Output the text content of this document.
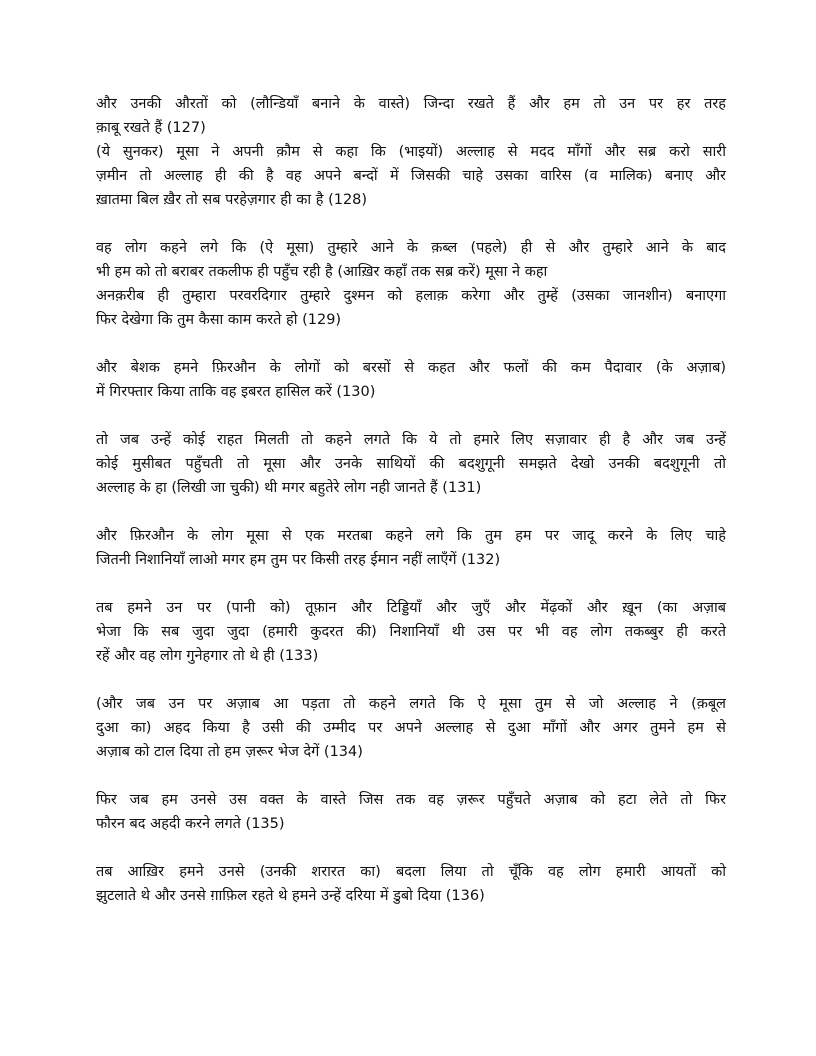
और उनकी औरतों को (लौन्डियाँ बनाने के वास्ते) जिन्दा रखते हैं और हम तो उन पर हर तरह
क़ाबू रखते हैं (127)
(ये सुनकर) मूसा ने अपनी क़ौम से कहा कि (भाइयों) अल्लाह से मदद माँगों और सब्र करो सारी
ज़मीन तो अल्लाह ही की है वह अपने बन्दों में जिसकी चाहे उसका वारिस (व मालिक) बनाए और
ख़ातमा बिल ख़ैर तो सब परहेज़गार ही का है (128)
वह लोग कहने लगे कि (ऐ मूसा) तुम्हारे आने के क़ब्ल (पहले) ही से और तुम्हारे आने के बाद
भी हम को तो बराबर तकलीफ ही पहुँच रही है (आख़िर कहाँ तक सब्र करें) मूसा ने कहा
अनक़रीब ही तुम्हारा परवरदिगार तुम्हारे दुश्मन को हलाक़ करेगा और तुम्हें (उसका जानशीन) बनाएगा
फिर देखेगा कि तुम कैसा काम करते हो (129)
और बेशक हमने फ़िरऔन के लोगों को बरसों से कहत और फलों की कम पैदावार (के अज़ाब)
में गिरफ्तार किया ताकि वह इबरत हासिल करें (130)
तो जब उन्हें कोई राहत मिलती तो कहने लगते कि ये तो हमारे लिए सज़ावार ही है और जब उन्हें
कोई मुसीबत पहुँचती तो मूसा और उनके साथियों की बदशुगूनी समझते देखो उनकी बदशुगूनी तो
अल्लाह के हा (लिखी जा चुकी) थी मगर बहुतेरे लोग नही जानते हैं (131)
और फ़िरऔन के लोग मूसा से एक मरतबा कहने लगे कि तुम हम पर जादू करने के लिए चाहे
जितनी निशानियाँ लाओ मगर हम तुम पर किसी तरह ईमान नहीं लाएँगें (132)
तब हमने उन पर (पानी को) तूफ़ान और टिड्डियाँ और जुएँ और मेंढ़कों और ख़ून (का अज़ाब
भेजा कि सब जुदा जुदा (हमारी कुदरत की) निशानियाँ थी उस पर भी वह लोग तकब्बुर ही करते
रहें और वह लोग गुनेहगार तो थे ही (133)
(और जब उन पर अज़ाब आ पड़ता तो कहने लगते कि ऐ मूसा तुम से जो अल्लाह ने (क़बूल
दुआ का) अहद किया है उसी की उम्मीद पर अपने अल्लाह से दुआ माँगों और अगर तुमने हम से
अज़ाब को टाल दिया तो हम ज़रूर भेज देगें (134)
फिर जब हम उनसे उस वक्त के वास्ते जिस तक वह ज़रूर पहुँचते अज़ाब को हटा लेते तो फिर
फौरन बद अहदी करने लगते (135)
तब आख़िर हमने उनसे (उनकी शरारत का) बदला लिया तो चूँकि वह लोग हमारी आयतों को
झुटलाते थे और उनसे ग़ाफ़िल रहते थे हमने उन्हें दरिया में डुबो दिया (136)
